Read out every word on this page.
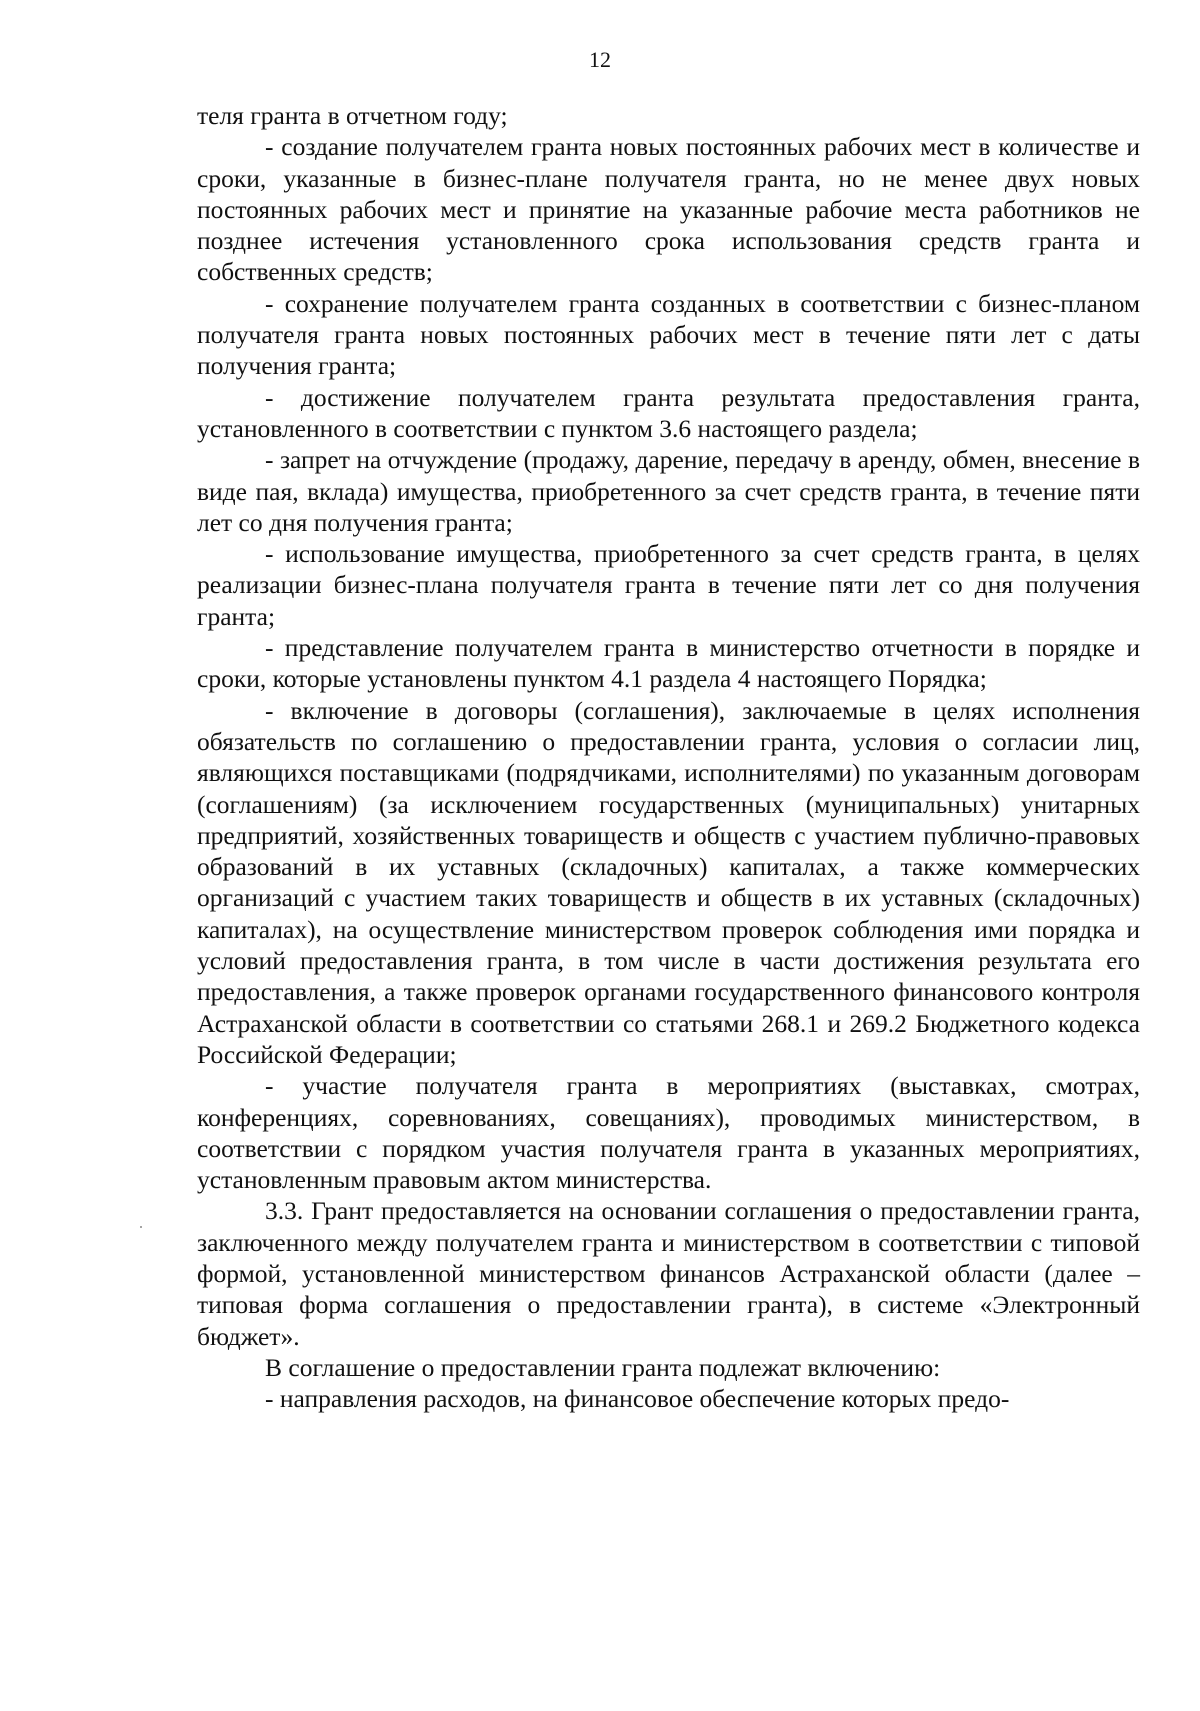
12

теля гранта в отчетном году;

- создание получателем гранта новых постоянных рабочих мест в количестве и сроки, указанные в бизнес-плане получателя гранта, но не менее двух новых постоянных рабочих мест и принятие на указанные рабочие места работников не позднее истечения установленного срока использования средств гранта и собственных средств;

- сохранение получателем гранта созданных в соответствии с бизнес-планом получателя гранта новых постоянных рабочих мест в течение пяти лет с даты получения гранта;

- достижение получателем гранта результата предоставления гранта, установленного в соответствии с пунктом 3.6 настоящего раздела;

- запрет на отчуждение (продажу, дарение, передачу в аренду, обмен, внесение в виде пая, вклада) имущества, приобретенного за счет средств гранта, в течение пяти лет со дня получения гранта;

- использование имущества, приобретенного за счет средств гранта, в целях реализации бизнес-плана получателя гранта в течение пяти лет со дня получения гранта;

- представление получателем гранта в министерство отчетности в порядке и сроки, которые установлены пунктом 4.1 раздела 4 настоящего Порядка;

- включение в договоры (соглашения), заключаемые в целях исполнения обязательств по соглашению о предоставлении гранта, условия о согласии лиц, являющихся поставщиками (подрядчиками, исполнителями) по указанным договорам (соглашениям) (за исключением государственных (муниципальных) унитарных предприятий, хозяйственных товариществ и обществ с участием публично-правовых образований в их уставных (складочных) капиталах, а также коммерческих организаций с участием таких товариществ и обществ в их уставных (складочных) капиталах), на осуществление министерством проверок соблюдения ими порядка и условий предоставления гранта, в том числе в части достижения результата его предоставления, а также проверок органами государственного финансового контроля Астраханской области в соответствии со статьями 268.1 и 269.2 Бюджетного кодекса Российской Федерации;

- участие получателя гранта в мероприятиях (выставках, смотрах, конференциях, соревнованиях, совещаниях), проводимых министерством, в соответствии с порядком участия получателя гранта в указанных мероприятиях, установленным правовым актом министерства.

3.3. Грант предоставляется на основании соглашения о предоставлении гранта, заключенного между получателем гранта и министерством в соответствии с типовой формой, установленной министерством финансов Астраханской области (далее – типовая форма соглашения о предоставлении гранта), в системе «Электронный бюджет».

В соглашение о предоставлении гранта подлежат включению:

- направления расходов, на финансовое обеспечение которых предо-
